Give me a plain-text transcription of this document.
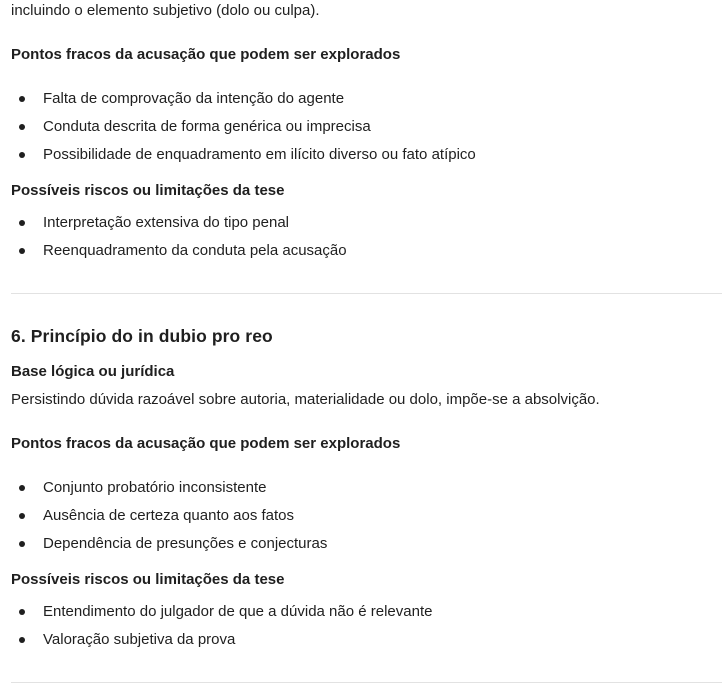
incluindo o elemento subjetivo (dolo ou culpa).
Pontos fracos da acusação que podem ser explorados
Falta de comprovação da intenção do agente
Conduta descrita de forma genérica ou imprecisa
Possibilidade de enquadramento em ilícito diverso ou fato atípico
Possíveis riscos ou limitações da tese
Interpretação extensiva do tipo penal
Reenquadramento da conduta pela acusação
6. Princípio do in dubio pro reo
Base lógica ou jurídica
Persistindo dúvida razoável sobre autoria, materialidade ou dolo, impõe-se a absolvição.
Pontos fracos da acusação que podem ser explorados
Conjunto probatório inconsistente
Ausência de certeza quanto aos fatos
Dependência de presunções e conjecturas
Possíveis riscos ou limitações da tese
Entendimento do julgador de que a dúvida não é relevante
Valoração subjetiva da prova
